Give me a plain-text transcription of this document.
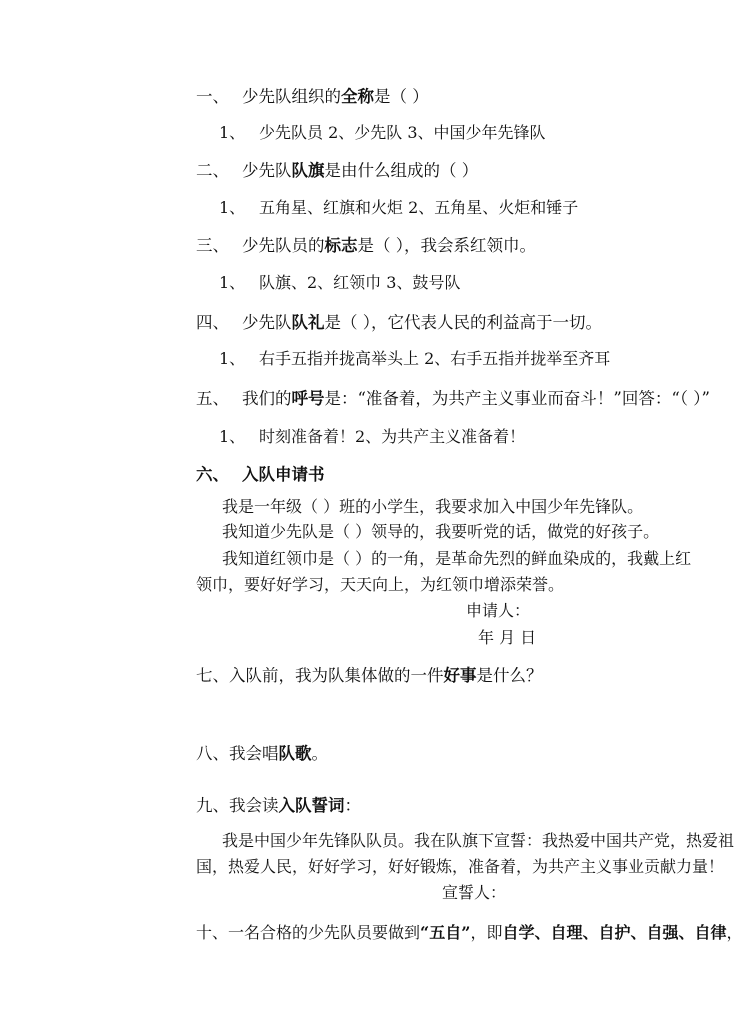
一、 少先队组织的全称是（ ）
1、 少先队员 2、少先队 3、中国少年先锋队
二、 少先队队旗是由什么组成的（ ）
1、 五角星、红旗和火炬 2、五角星、火炬和锤子
三、 少先队员的标志是（ ），我会系红领巾。
1、 队旗、2、红领巾 3、鼓号队
四、 少先队队礼是（ ），它代表人民的利益高于一切。
1、 右手五指并拢高举头上 2、右手五指并拢举至齐耳
五、 我们的呼号是：“准备着，为共产主义事业而奋斗！”回答：“（ ）”
1、 时刻准备着！2、为共产主义准备着！
六、 入队申请书
我是一年级（ ）班的小学生，我要求加入中国少年先锋队。
我知道少先队是（ ）领导的，我要听党的话，做党的好孩子。
我知道红领巾是（ ）的一角，是革命先烈的鲜血染成的，我戴上红
领巾，要好好学习，天天向上，为红领巾增添荣誉。
申请人：
年 月 日
七、入队前，我为队集体做的一件好事是什么？
八、我会唱队歌。
九、我会读入队誓词：
我是中国少年先锋队队员。我在队旗下宣誓：我热爱中国共产党，热爱祖
国，热爱人民，好好学习，好好锻炼，准备着，为共产主义事业贡献力量！
宣誓人：
十、一名合格的少先队员要做到“五自”，即自学、自理、自护、自强、自律，
